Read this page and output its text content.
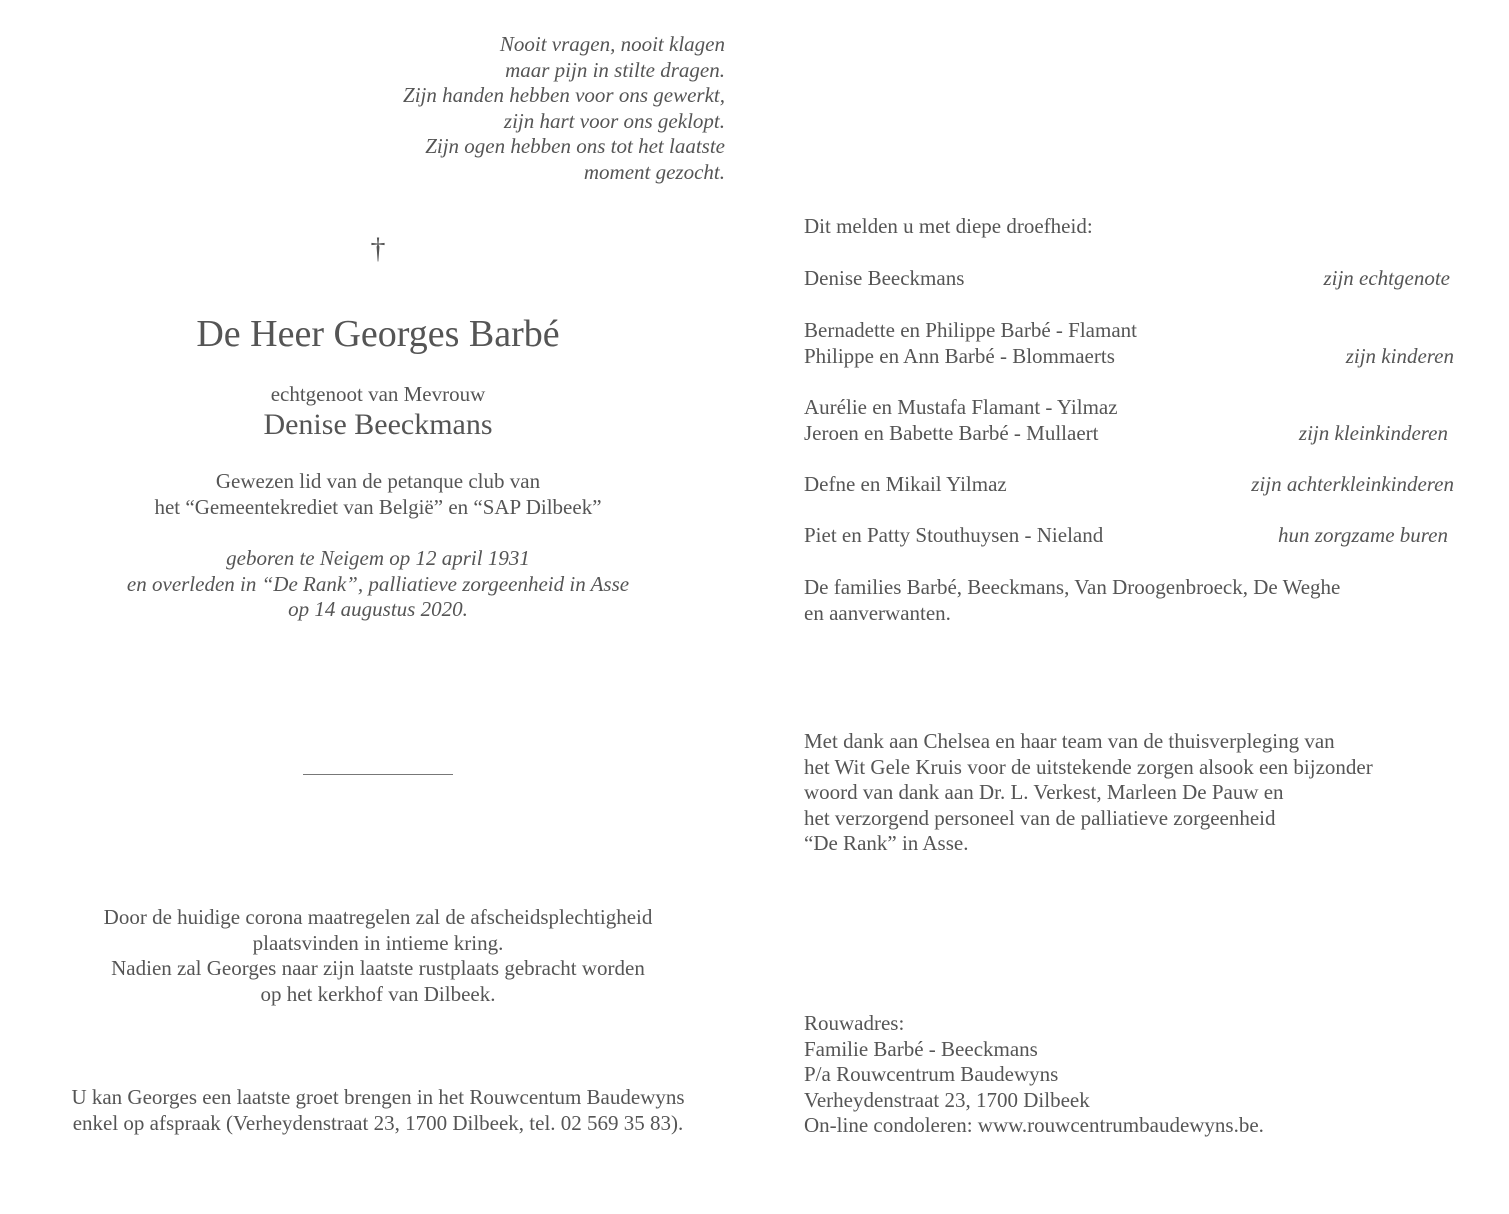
Nooit vragen, nooit klagen
maar pijn in stilte dragen.
Zijn handen hebben voor ons gewerkt,
zijn hart voor ons geklopt.
Zijn ogen hebben ons tot het laatste
moment gezocht.
†
De Heer Georges Barbé
echtgenoot van Mevrouw
Denise Beeckmans
Gewezen lid van de petanque club van
het “Gemeentekrediet van België” en “SAP Dilbeek”
geboren te Neigem op 12 april 1931
en overleden in “De Rank”, palliatieve zorgeenheid in Asse
op 14 augustus 2020.
Door de huidige corona maatregelen zal de afscheidsplechtigheid
plaatsvinden in intieme kring.
Nadien zal Georges naar zijn laatste rustplaats gebracht worden
op het kerkhof van Dilbeek.
U kan Georges een laatste groet brengen in het Rouwcentum Baudewyns
enkel op afspraak (Verheydenstraat 23, 1700 Dilbeek, tel. 02 569 35 83).
Dit melden u met diepe droefheid:
Denise Beeckmans	zijn echtgenote
Bernadette en Philippe Barbé - Flamant
Philippe en Ann Barbé - Blommaerts	zijn kinderen
Aurélie en Mustafa Flamant - Yilmaz
Jeroen en Babette Barbé - Mullaert	zijn kleinkinderen
Defne en Mikail Yilmaz	zijn achterkleinkinderen
Piet en Patty Stouthuysen - Nieland	hun zorgzame buren
De families Barbé, Beeckmans, Van Droogenbroeck, De Weghe
en aanverwanten.
Met dank aan Chelsea en haar team van de thuisverpleging van
het Wit Gele Kruis voor de uitstekende zorgen alsook een bijzonder
woord van dank aan Dr. L. Verkest, Marleen De Pauw en
het verzorgend personeel van de palliatieve zorgeenheid
“De Rank” in Asse.
Rouwadres:
Familie Barbé - Beeckmans
P/a Rouwcentrum Baudewyns
Verheydenstraat 23, 1700 Dilbeek
On-line condoleren: www.rouwcentrumbaudewyns.be.
